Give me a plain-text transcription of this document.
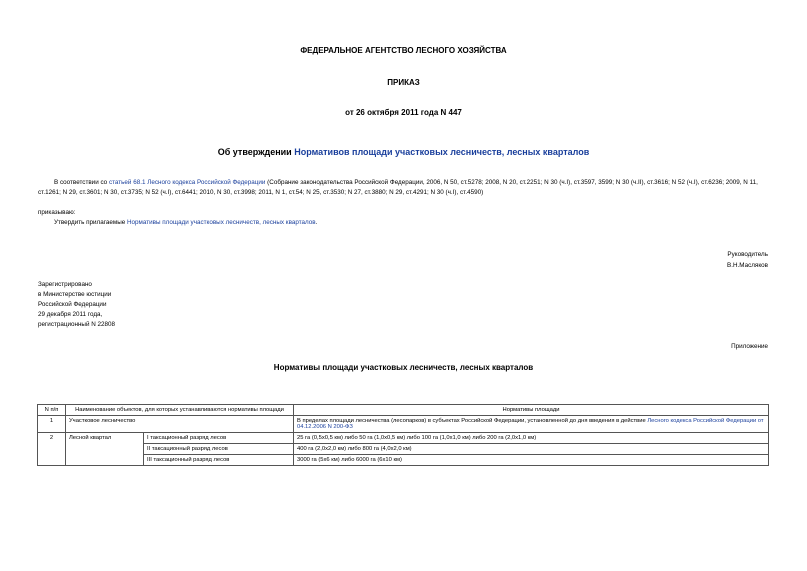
ФЕДЕРАЛЬНОЕ АГЕНТСТВО ЛЕСНОГО ХОЗЯЙСТВА
ПРИКАЗ
от 26 октября 2011 года N 447
Об утверждении Нормативов площади участковых лесничеств, лесных кварталов
В соответствии со статьей 68.1 Лесного кодекса Российской Федерации (Собрание законодательства Российской Федерации, 2006, N 50, ст.5278; 2008, N 20, ст.2251; N 30 (ч.I), ст.3597, 3599; N 30 (ч.II), ст.3616; N 52 (ч.I), ст.6236; 2009, N 11, ст.1261; N 29, ст.3601; N 30, ст.3735; N 52 (ч.I), ст.6441; 2010, N 30, ст.3998; 2011, N 1, ст.54; N 25, ст.3530; N 27, ст.3880; N 29, ст.4291; N 30 (ч.I), ст.4590)
приказываю:
Утвердить прилагаемые Нормативы площади участковых лесничеств, лесных кварталов.
Руководитель
В.Н.Масляков
Зарегистрировано
в Министерстве юстиции
Российской Федерации
29 декабря 2011 года,
регистрационный N 22808
Приложение
Нормативы площади участковых лесничеств, лесных кварталов
N п/п	Наименование объектов, для которых устанавливаются нормативы площади		Нормативы площади
1	Участковое лесничество		В пределах площади лесничества (лесопарков) в субъектах Российской Федерации, установленной до дня введения в действие Лесного кодекса Российской Федерации от 04.12.2006 N 200-ФЗ
2	Лесной квартал	I таксационный разряд лесов	25 га (0,5х0,5 км) либо 50 га (1,0х0,5 км) либо 100 га (1,0х1,0 км) либо 200 га (2,0х1,0 км)
		II таксационный разряд лесов	400 га (2,0х2,0 км) либо 800 га (4,0х2,0 км)
		III таксационный разряд лесов	3000 га (5х6 км) либо 6000 га (6х10 км)
